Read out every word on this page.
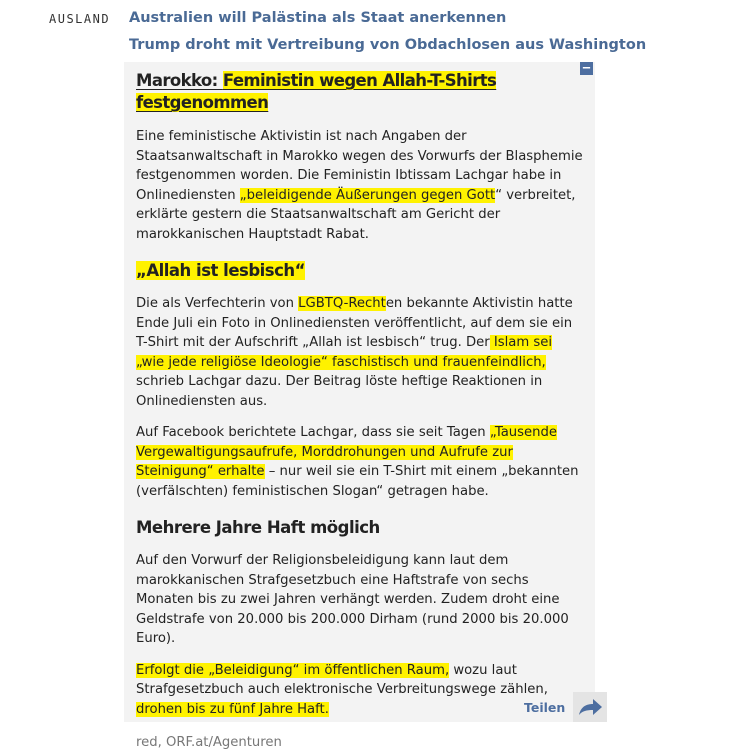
AUSLAND Australien will Palästina als Staat anerkennen
Trump droht mit Vertreibung von Obdachlosen aus Washington
–
Marokko: Feministin wegen Allah-T-Shirts festgenommen

Eine feministische Aktivistin ist nach Angaben der Staatsanwaltschaft in Marokko wegen des Vorwurfs der Blasphemie festgenommen worden. Die Feministin Ibtissam Lachgar habe in Onlinediensten „beleidigende Äußerungen gegen Gott“ verbreitet, erklärte gestern die Staatsanwaltschaft am Gericht der marokkanischen Hauptstadt Rabat.

„Allah ist lesbisch“

Die als Verfechterin von LGBTQ-Rechten bekannte Aktivistin hatte Ende Juli ein Foto in Onlinediensten veröffentlicht, auf dem sie ein T-Shirt mit der Aufschrift „Allah ist lesbisch“ trug. Der Islam sei „wie jede religiöse Ideologie“ faschistisch und frauenfeindlich, schrieb Lachgar dazu. Der Beitrag löste heftige Reaktionen in Onlinediensten aus.

Auf Facebook berichtete Lachgar, dass sie seit Tagen „Tausende Vergewaltigungsaufrufe, Morddrohungen und Aufrufe zur Steinigung“ erhalte – nur weil sie ein T-Shirt mit einem „bekannten (verfälschten) feministischen Slogan“ getragen habe.

Mehrere Jahre Haft möglich

Auf den Vorwurf der Religionsbeleidigung kann laut dem marokkanischen Strafgesetzbuch eine Haftstrafe von sechs Monaten bis zu zwei Jahren verhängt werden. Zudem droht eine Geldstrafe von 20.000 bis 200.000 Dirham (rund 2000 bis 20.000 Euro).

Erfolgt die „Beleidigung“ im öffentlichen Raum, wozu laut Strafgesetzbuch auch elektronische Verbreitungswege zählen, drohen bis zu fünf Jahre Haft.

red, ORF.at/Agenturen
Teilen
